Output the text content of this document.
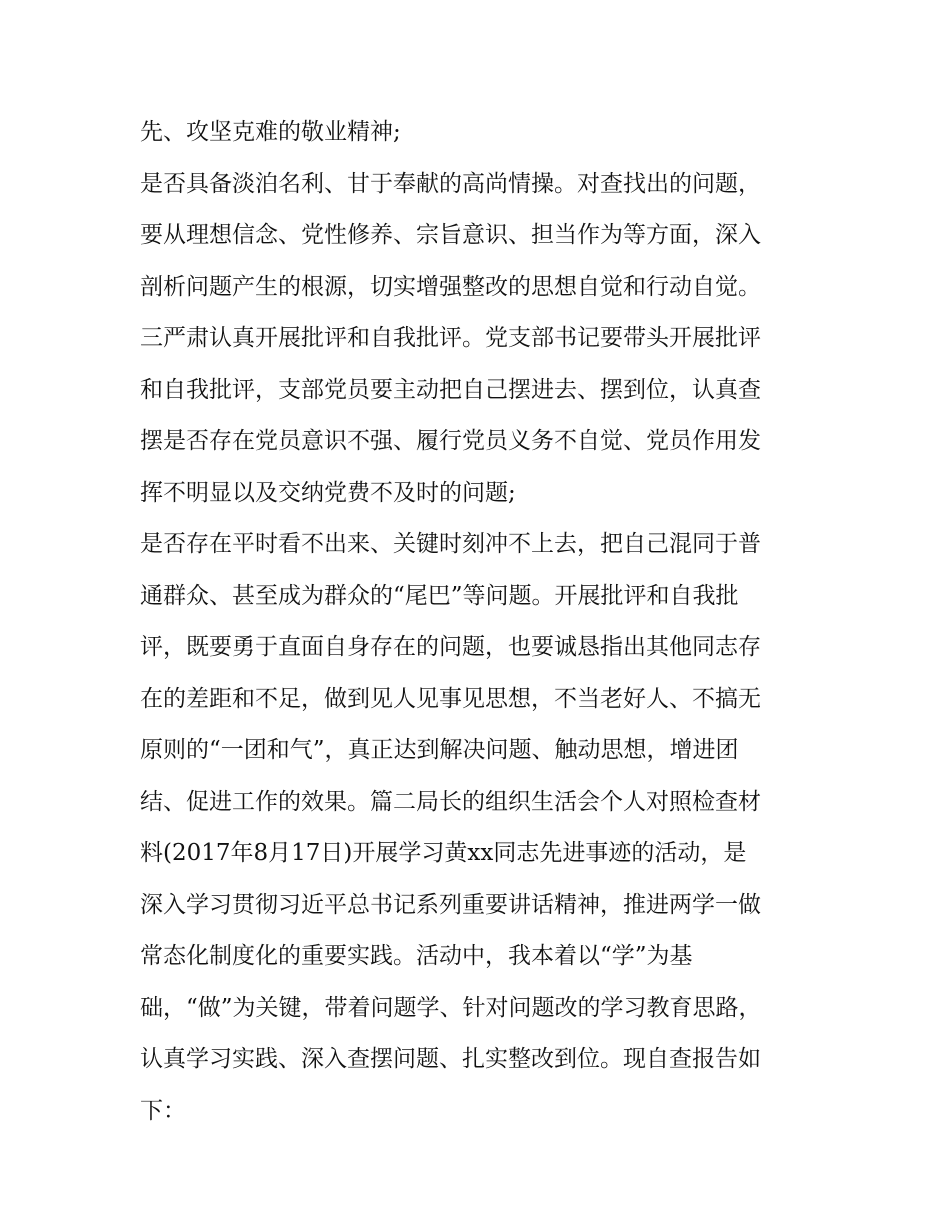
先、攻坚克难的敬业精神;
是否具备淡泊名利、甘于奉献的高尚情操。对查找出的问题，
要从理想信念、党性修养、宗旨意识、担当作为等方面，深入
剖析问题产生的根源，切实增强整改的思想自觉和行动自觉。
三严肃认真开展批评和自我批评。党支部书记要带头开展批评
和自我批评，支部党员要主动把自己摆进去、摆到位，认真查
摆是否存在党员意识不强、履行党员义务不自觉、党员作用发
挥不明显以及交纳党费不及时的问题;
是否存在平时看不出来、关键时刻冲不上去，把自己混同于普
通群众、甚至成为群众的“尾巴”等问题。开展批评和自我批
评，既要勇于直面自身存在的问题，也要诚恳指出其他同志存
在的差距和不足，做到见人见事见思想，不当老好人、不搞无
原则的“一团和气”，真正达到解决问题、触动思想，增进团
结、促进工作的效果。篇二局长的组织生活会个人对照检查材
料(2017年8月17日)开展学习黄xx同志先进事迹的活动，是
深入学习贯彻习近平总书记系列重要讲话精神，推进两学一做
常态化制度化的重要实践。活动中，我本着以“学”为基
础，“做”为关键，带着问题学、针对问题改的学习教育思路，
认真学习实践、深入查摆问题、扎实整改到位。现自查报告如
下：
